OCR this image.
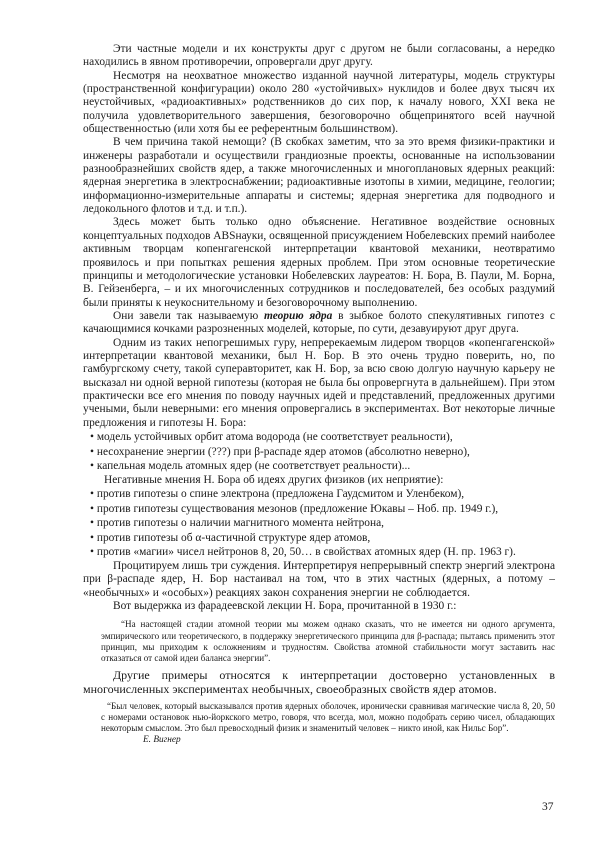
Эти частные модели и их конструкты друг с другом не были согласованы, а нередко находились в явном противоречии, опровергали друг другу.

Несмотря на неохватное множество изданной научной литературы, модель структуры (пространственной конфигурации) около 280 «устойчивых» нуклидов и более двух тысяч их неустойчивых, «радиоактивных» родственников до сих пор, к началу нового, XXI века не получила удовлетворительного завершения, безоговорочно общепринятого всей научной общественностью (или хотя бы ее референтным большинством).

В чем причина такой немощи? (В скобках заметим, что за это время физики-практики и инженеры разработали и осуществили грандиозные проекты, основанные на использовании разнообразнейших свойств ядер, а также многочисленных и многоплановых ядерных реакций: ядерная энергетика в электроснабжении; радиоактивные изотопы в химии, медицине, геологии; информационно-измерительные аппараты и системы; ядерная энергетика для подводного и ледокольного флотов и т.д. и т.п.).

Здесь может быть только одно объяснение. Негативное воздействие основных концептуальных подходов ABSнауки, освященной присуждением Нобелевских премий наиболее активным творцам копенгагенской интерпретации квантовой механики, неотвратимо проявилось и при попытках решения ядерных проблем. При этом основные теоретические принципы и методологические установки Нобелевских лауреатов: Н. Бора, В. Паули, М. Борна, В. Гейзенберга, – и их многочисленных сотрудников и последователей, без особых раздумий были приняты к неукоснительному и безоговорочному выполнению.

Они завели так называемую теорию ядра в зыбкое болото спекулятивных гипотез с качающимися кочками разрозненных моделей, которые, по сути, дезавуируют друг друга.

Одним из таких непогрешимых гуру, непререкаемым лидером творцов «копенгагенской» интерпретации квантовой механики, был Н. Бор. В это очень трудно поверить, но, по гамбургскому счету, такой суперавторитет, как Н. Бор, за всю свою долгую научную карьеру не высказал ни одной верной гипотезы (которая не была бы опровергнута в дальнейшем). При этом практически все его мнения по поводу научных идей и представлений, предложенных другими учеными, были неверными: его мнения опровергались в экспериментах. Вот некоторые личные предложения и гипотезы Н. Бора:

• модель устойчивых орбит атома водорода (не соответствует реальности),

• несохранение энергии (???) при β-распаде ядер атомов (абсолютно неверно),

• капельная модель атомных ядер (не соответствует реальности)...

Негативные мнения Н. Бора об идеях других физиков (их неприятие):

• против гипотезы о спине электрона (предложена Гаудсмитом и Уленбеком),

• против гипотезы существования мезонов (предложение Юкавы – Ноб. пр. 1949 г.),

• против гипотезы о наличии магнитного момента нейтрона,

• против гипотезы об α-частичной структуре ядер атомов,

• против «магии» чисел нейтронов 8, 20, 50… в свойствах атомных ядер (Н. пр. 1963 г).

Процитируем лишь три суждения. Интерпретируя непрерывный спектр энергий электрона при β-распаде ядер, Н. Бор настаивал на том, что в этих частных (ядерных, а потому – «необычных» и «особых») реакциях закон сохранения энергии не соблюдается.

Вот выдержка из фарадеевской лекции Н. Бора, прочитанной в 1930 г.:

“На настоящей стадии атомной теории мы можем однако сказать, что не имеется ни одного аргумента, эмпирического или теоретического, в поддержку энергетического принципа для β-распада; пытаясь применить этот принцип, мы приходим к осложнениям и трудностям. Свойства атомной стабильности могут заставить нас отказаться от самой идеи баланса энергии”.

Другие примеры относятся к интерпретации достоверно установленных в многочисленных экспериментах необычных, своеобразных свойств ядер атомов.

“Был человек, который высказывался против ядерных оболочек, иронически сравнивая магические числа 8, 20, 50 с номерами остановок нью-йоркского метро, говоря, что всегда, мол, можно подобрать серию чисел, обладающих некоторым смыслом. Это был превосходный физик и знаменитый человек – никто иной, как Нильс Бор”.

Е. Вигнер

37
